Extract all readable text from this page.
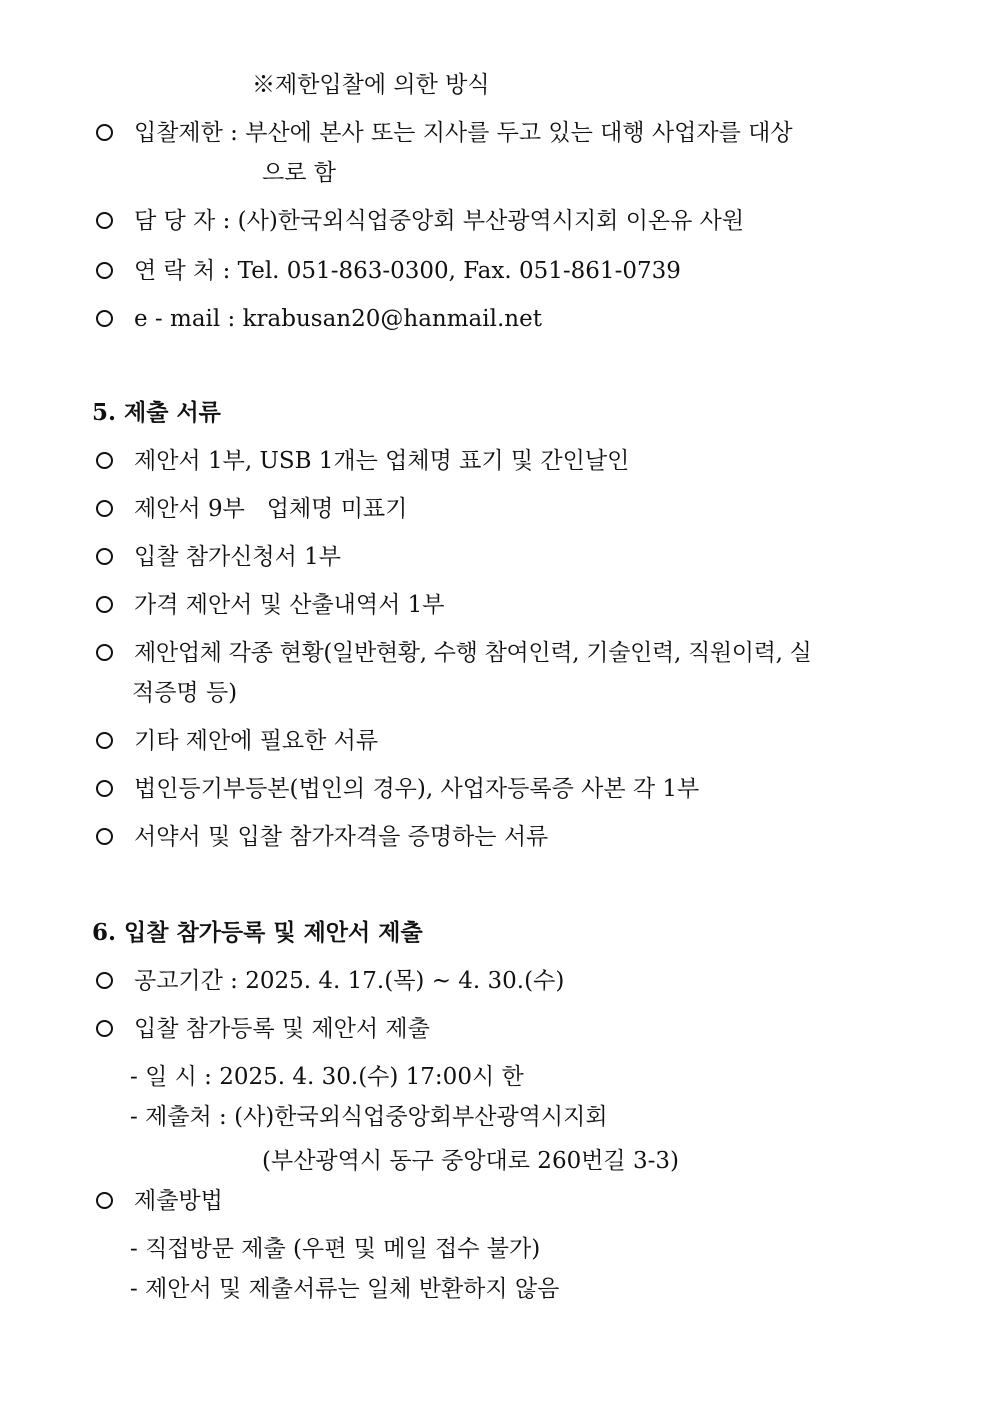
※제한입찰에 의한 방식
입찰제한 : 부산에 본사 또는 지사를 두고 있는 대행 사업자를 대상
으로 함
담 당 자 : (사)한국외식업중앙회 부산광역시지회 이온유 사원
연 락 처 : Tel. 051-863-0300, Fax. 051-861-0739
e - mail : krabusan20@hanmail.net
5. 제출 서류
제안서 1부, USB 1개는 업체명 표기 및 간인날인
제안서 9부   업체명 미표기
입찰 참가신청서 1부
가격 제안서 및 산출내역서 1부
제안업체 각종 현황(일반현황, 수행 참여인력, 기술인력, 직원이력, 실
적증명 등)
기타 제안에 필요한 서류
법인등기부등본(법인의 경우), 사업자등록증 사본 각 1부
서약서 및 입찰 참가자격을 증명하는 서류
6. 입찰 참가등록 및 제안서 제출
공고기간 : 2025. 4. 17.(목) ~ 4. 30.(수)
입찰 참가등록 및 제안서 제출
- 일 시 : 2025. 4. 30.(수) 17:00시 한
- 제출처 : (사)한국외식업중앙회부산광역시지회
(부산광역시 동구 중앙대로 260번길 3-3)
제출방법
- 직접방문 제출 (우편 및 메일 접수 불가)
- 제안서 및 제출서류는 일체 반환하지 않음
